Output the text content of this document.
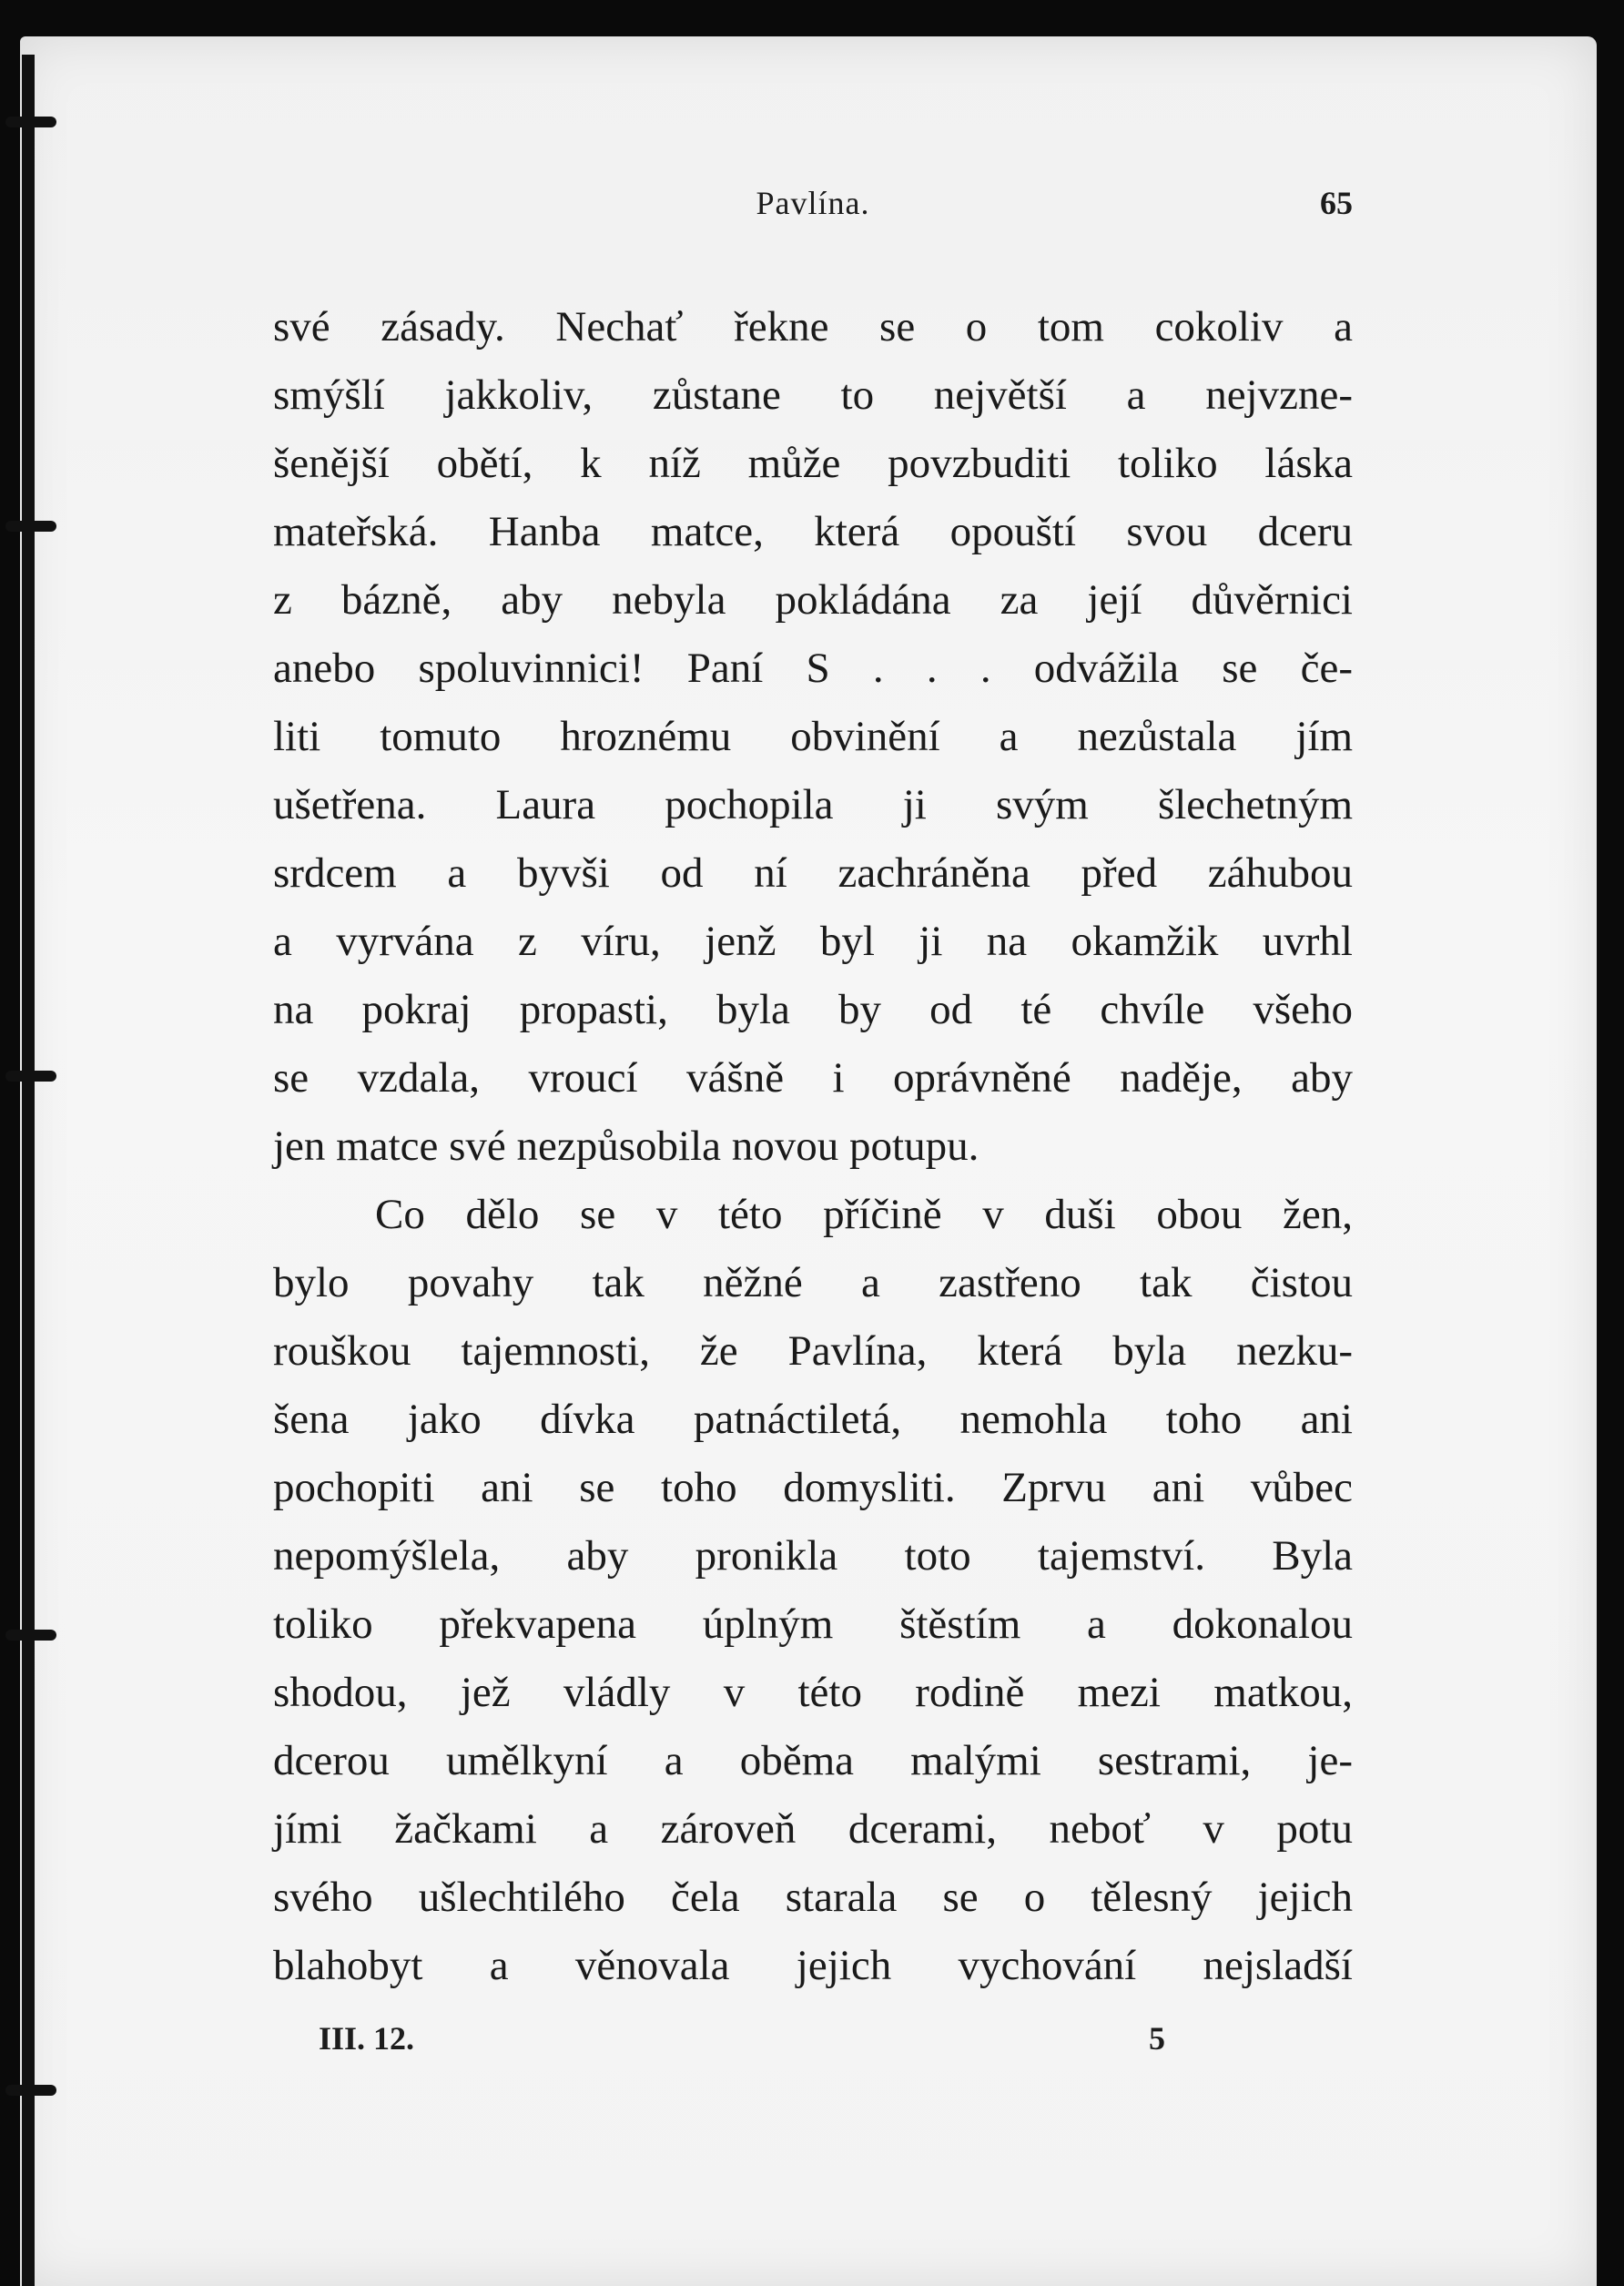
Pavlína.	65
své zásady. Nechať řekne se o tom cokoliv a
smýšlí jakkoliv, zůstane to největší a nejvzne-
šenější obětí, k níž může povzbuditi toliko láska
mateřská. Hanba matce, která opouští svou dceru
z bázně, aby nebyla pokládána za její důvěrnici
anebo spoluvinnici! Paní S . . . odvážila se če-
liti tomuto hroznému obvinění a nezůstala jím
ušetřena. Laura pochopila ji svým šlechetným
srdcem a byvši od ní zachráněna před záhubou
a vyrvána z víru, jenž byl ji na okamžik uvrhl
na pokraj propasti, byla by od té chvíle všeho
se vzdala, vroucí vášně i oprávněné naděje, aby
jen matce své nezpůsobila novou potupu.
Co dělo se v této příčině v duši obou žen,
bylo povahy tak něžné a zastřeno tak čistou
rouškou tajemnosti, že Pavlína, která byla nezku-
šena jako dívka patnáctiletá, nemohla toho ani
pochopiti ani se toho domysliti. Zprvu ani vůbec
nepomýšlela, aby pronikla toto tajemství. Byla
toliko překvapena úplným štěstím a dokonalou
shodou, jež vládly v této rodině mezi matkou,
dcerou umělkyní a oběma malými sestrami, je-
jími žačkami a zároveň dcerami, neboť v potu
svého ušlechtilého čela starala se o tělesný jejich
blahobyt a věnovala jejich vychování nejsladší
III. 12.	5
